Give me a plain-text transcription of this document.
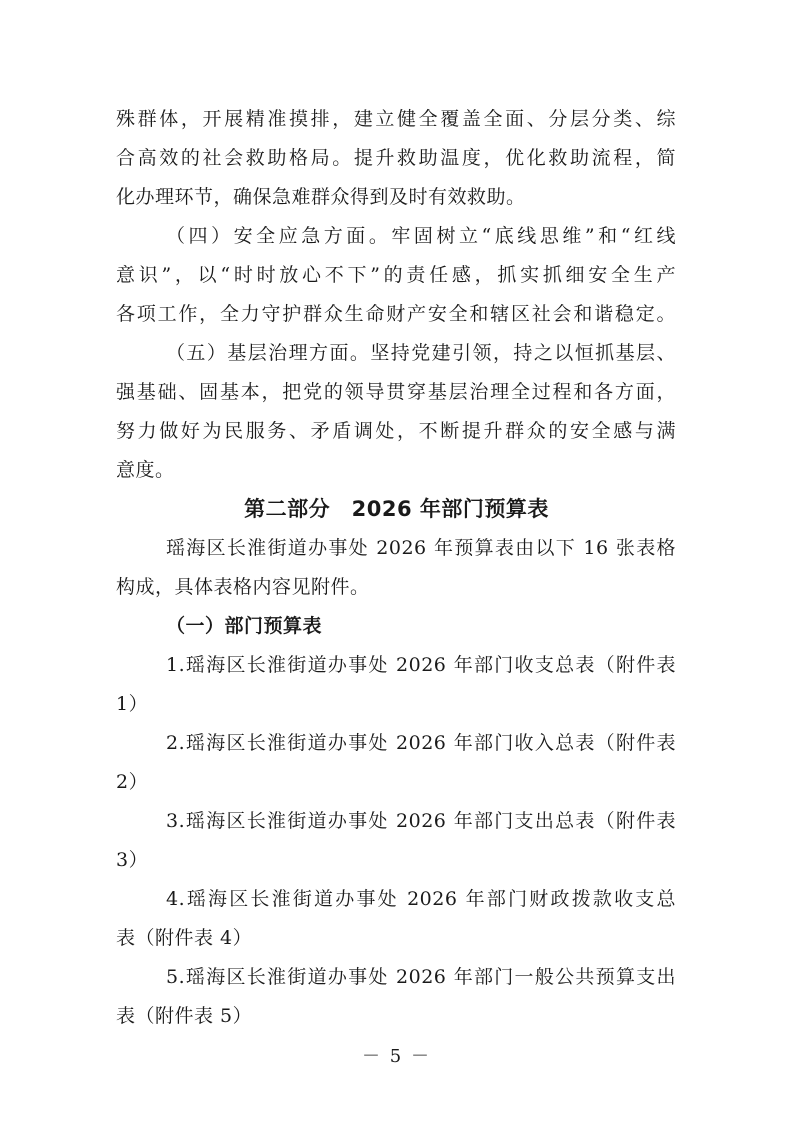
殊群体，开展精准摸排，建立健全覆盖全面、分层分类、综
合高效的社会救助格局。提升救助温度，优化救助流程，简
化办理环节，确保急难群众得到及时有效救助。
（四）安全应急方面。牢固树立“底线思维”和“红线
意识”，以“时时放心不下”的责任感，抓实抓细安全生产
各项工作，全力守护群众生命财产安全和辖区社会和谐稳定。
（五）基层治理方面。坚持党建引领，持之以恒抓基层、
强基础、固基本，把党的领导贯穿基层治理全过程和各方面，
努力做好为民服务、矛盾调处，不断提升群众的安全感与满
意度。
第二部分　2026 年部门预算表
瑶海区长淮街道办事处 2026 年预算表由以下 16 张表格
构成，具体表格内容见附件。
（一）部门预算表
1.瑶海区长淮街道办事处 2026 年部门收支总表（附件表
1）
2.瑶海区长淮街道办事处 2026 年部门收入总表（附件表
2）
3.瑶海区长淮街道办事处 2026 年部门支出总表（附件表
3）
4.瑶海区长淮街道办事处 2026 年部门财政拨款收支总
表（附件表 4）
5.瑶海区长淮街道办事处 2026 年部门一般公共预算支出
表（附件表 5）
－ 5 －
